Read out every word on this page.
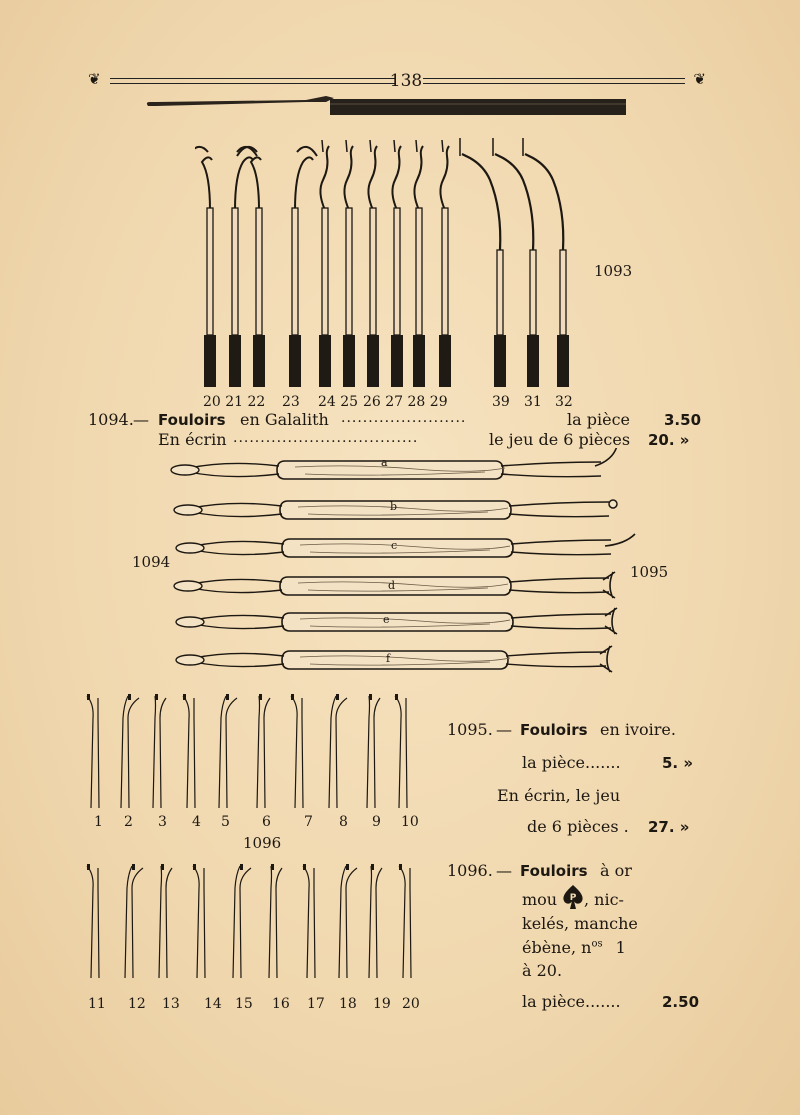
❦	138	❦
1093
20 21 22 23 24 25 26 27 28 29	39 31 32
1094. — Fouloirs en Galalith .......................	la pièce 3.50
En écrin ..................................	le jeu de 6 pièces 20. »
1094
1095
a
b
c
d
e
f
1 2 3 4 5 6 7 8 9 10
1096
11 12 13 14 15 16 17 18 19 20
1095. — Fouloirs en ivoire.
la pièce.......	5. »
En écrin, le jeu
de 6 pièces . 27. »
1096. — Fouloirs à or
mou P , nic-
kelés, manche
ébène, $n^{os}$ 1
à 20.
la pièce.......	2.50
